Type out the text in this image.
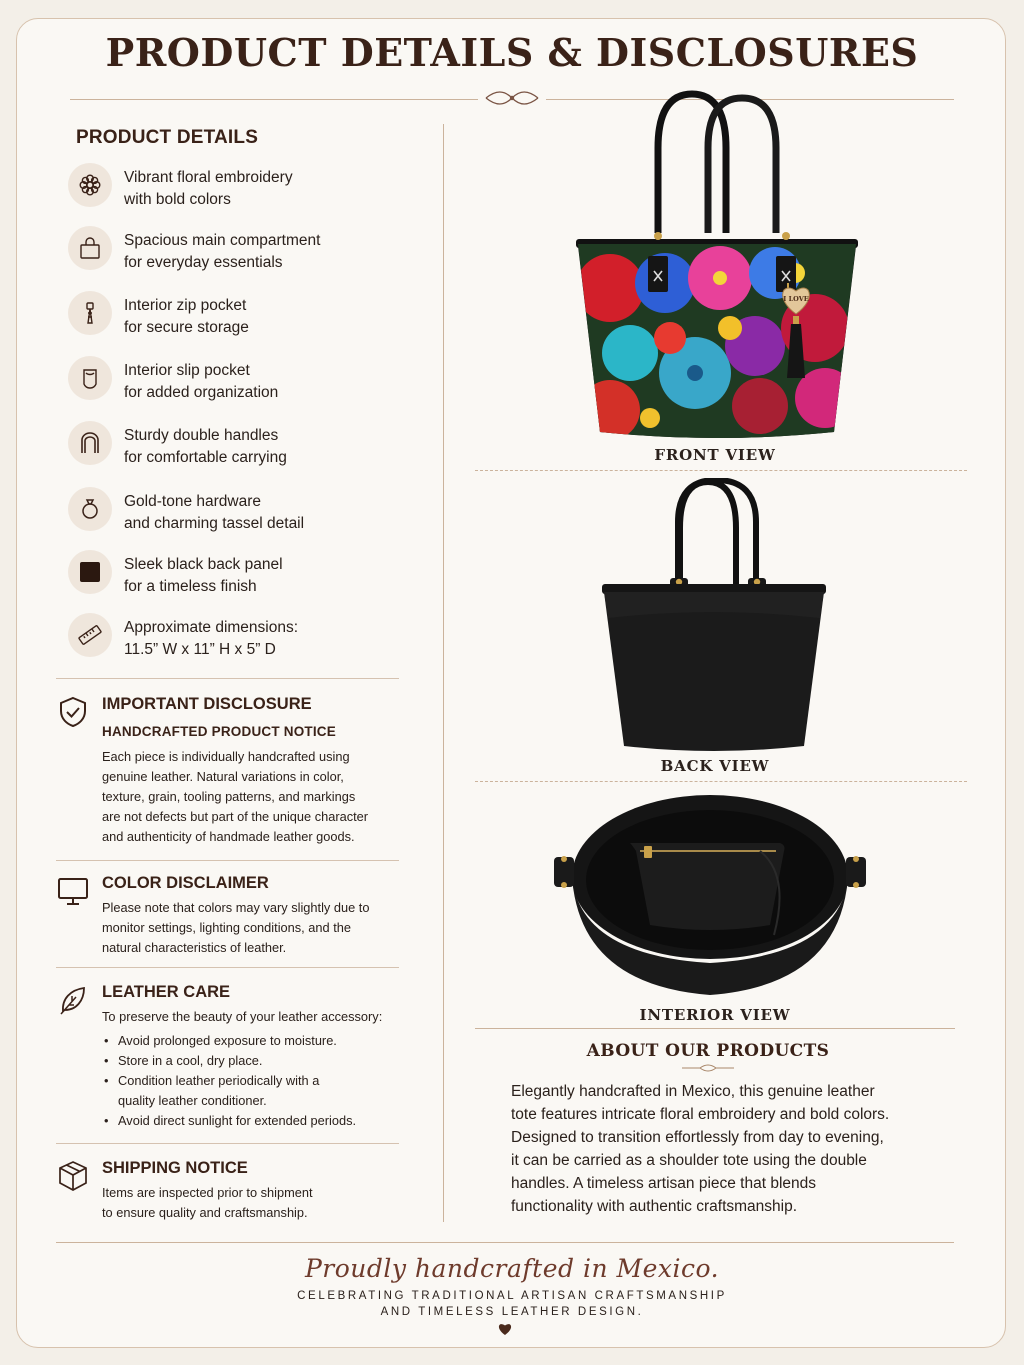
PRODUCT DETAILS & DISCLOSURES
PRODUCT DETAILS
Vibrant floral embroidery
with bold colors
Spacious main compartment
for everyday essentials
Interior zip pocket
for secure storage
Interior slip pocket
for added organization
Sturdy double handles
for comfortable carrying
Gold-tone hardware
and charming tassel detail
Sleek black back panel
for a timeless finish
Approximate dimensions:
11.5” W x 11” H x 5” D
IMPORTANT DISCLOSURE
HANDCRAFTED PRODUCT NOTICE
Each piece is individually handcrafted using
genuine leather. Natural variations in color,
texture, grain, tooling patterns, and markings
are not defects but part of the unique character
and authenticity of handmade leather goods.
COLOR DISCLAIMER
Please note that colors may vary slightly due to
monitor settings, lighting conditions, and the
natural characteristics of leather.
LEATHER CARE
To preserve the beauty of your leather accessory:
• Avoid prolonged exposure to moisture.
• Store in a cool, dry place.
• Condition leather periodically with a
quality leather conditioner.
• Avoid direct sunlight for extended periods.
SHIPPING NOTICE
Items are inspected prior to shipment
to ensure quality and craftsmanship.
I LOVE
FRONT VIEW
BACK VIEW
INTERIOR VIEW
ABOUT OUR PRODUCTS
Elegantly handcrafted in Mexico, this genuine leather
tote features intricate floral embroidery and bold colors.
Designed to transition effortlessly from day to evening,
it can be carried as a shoulder tote using the double
handles. A timeless artisan piece that blends
functionality with authentic craftsmanship.
Proudly handcrafted in Mexico.
CELEBRATING TRADITIONAL ARTISAN CRAFTSMANSHIP
AND TIMELESS LEATHER DESIGN.
